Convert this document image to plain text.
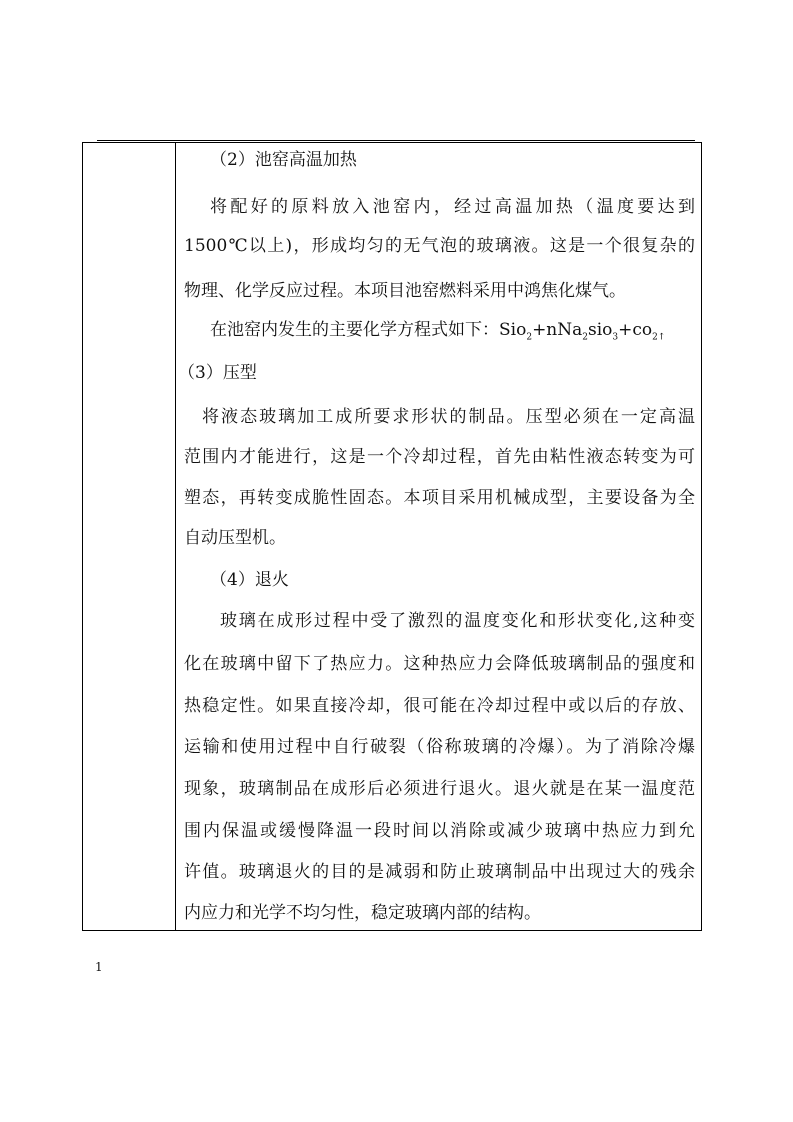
（2）池窑高温加热
将配好的原料放入池窑内，经过高温加热（温度要达到
1500℃以上)，形成均匀的无气泡的玻璃液。这是一个很复杂的
物理、化学反应过程。本项目池窑燃料采用中鸿焦化煤气。
在池窑内发生的主要化学方程式如下：$Sio_2+nNa_2sio_3+co_{2↑}$
（3）压型
将液态玻璃加工成所要求形状的制品。压型必须在一定高温
范围内才能进行，这是一个冷却过程，首先由粘性液态转变为可
塑态，再转变成脆性固态。本项目采用机械成型，主要设备为全
自动压型机。
（4）退火
玻璃在成形过程中受了激烈的温度变化和形状变化,这种变
化在玻璃中留下了热应力。这种热应力会降低玻璃制品的强度和
热稳定性。如果直接冷却，很可能在冷却过程中或以后的存放、
运输和使用过程中自行破裂（俗称玻璃的冷爆）。为了消除冷爆
现象，玻璃制品在成形后必须进行退火。退火就是在某一温度范
围内保温或缓慢降温一段时间以消除或减少玻璃中热应力到允
许值。玻璃退火的目的是减弱和防止玻璃制品中出现过大的残余
内应力和光学不均匀性，稳定玻璃内部的结构。
1
